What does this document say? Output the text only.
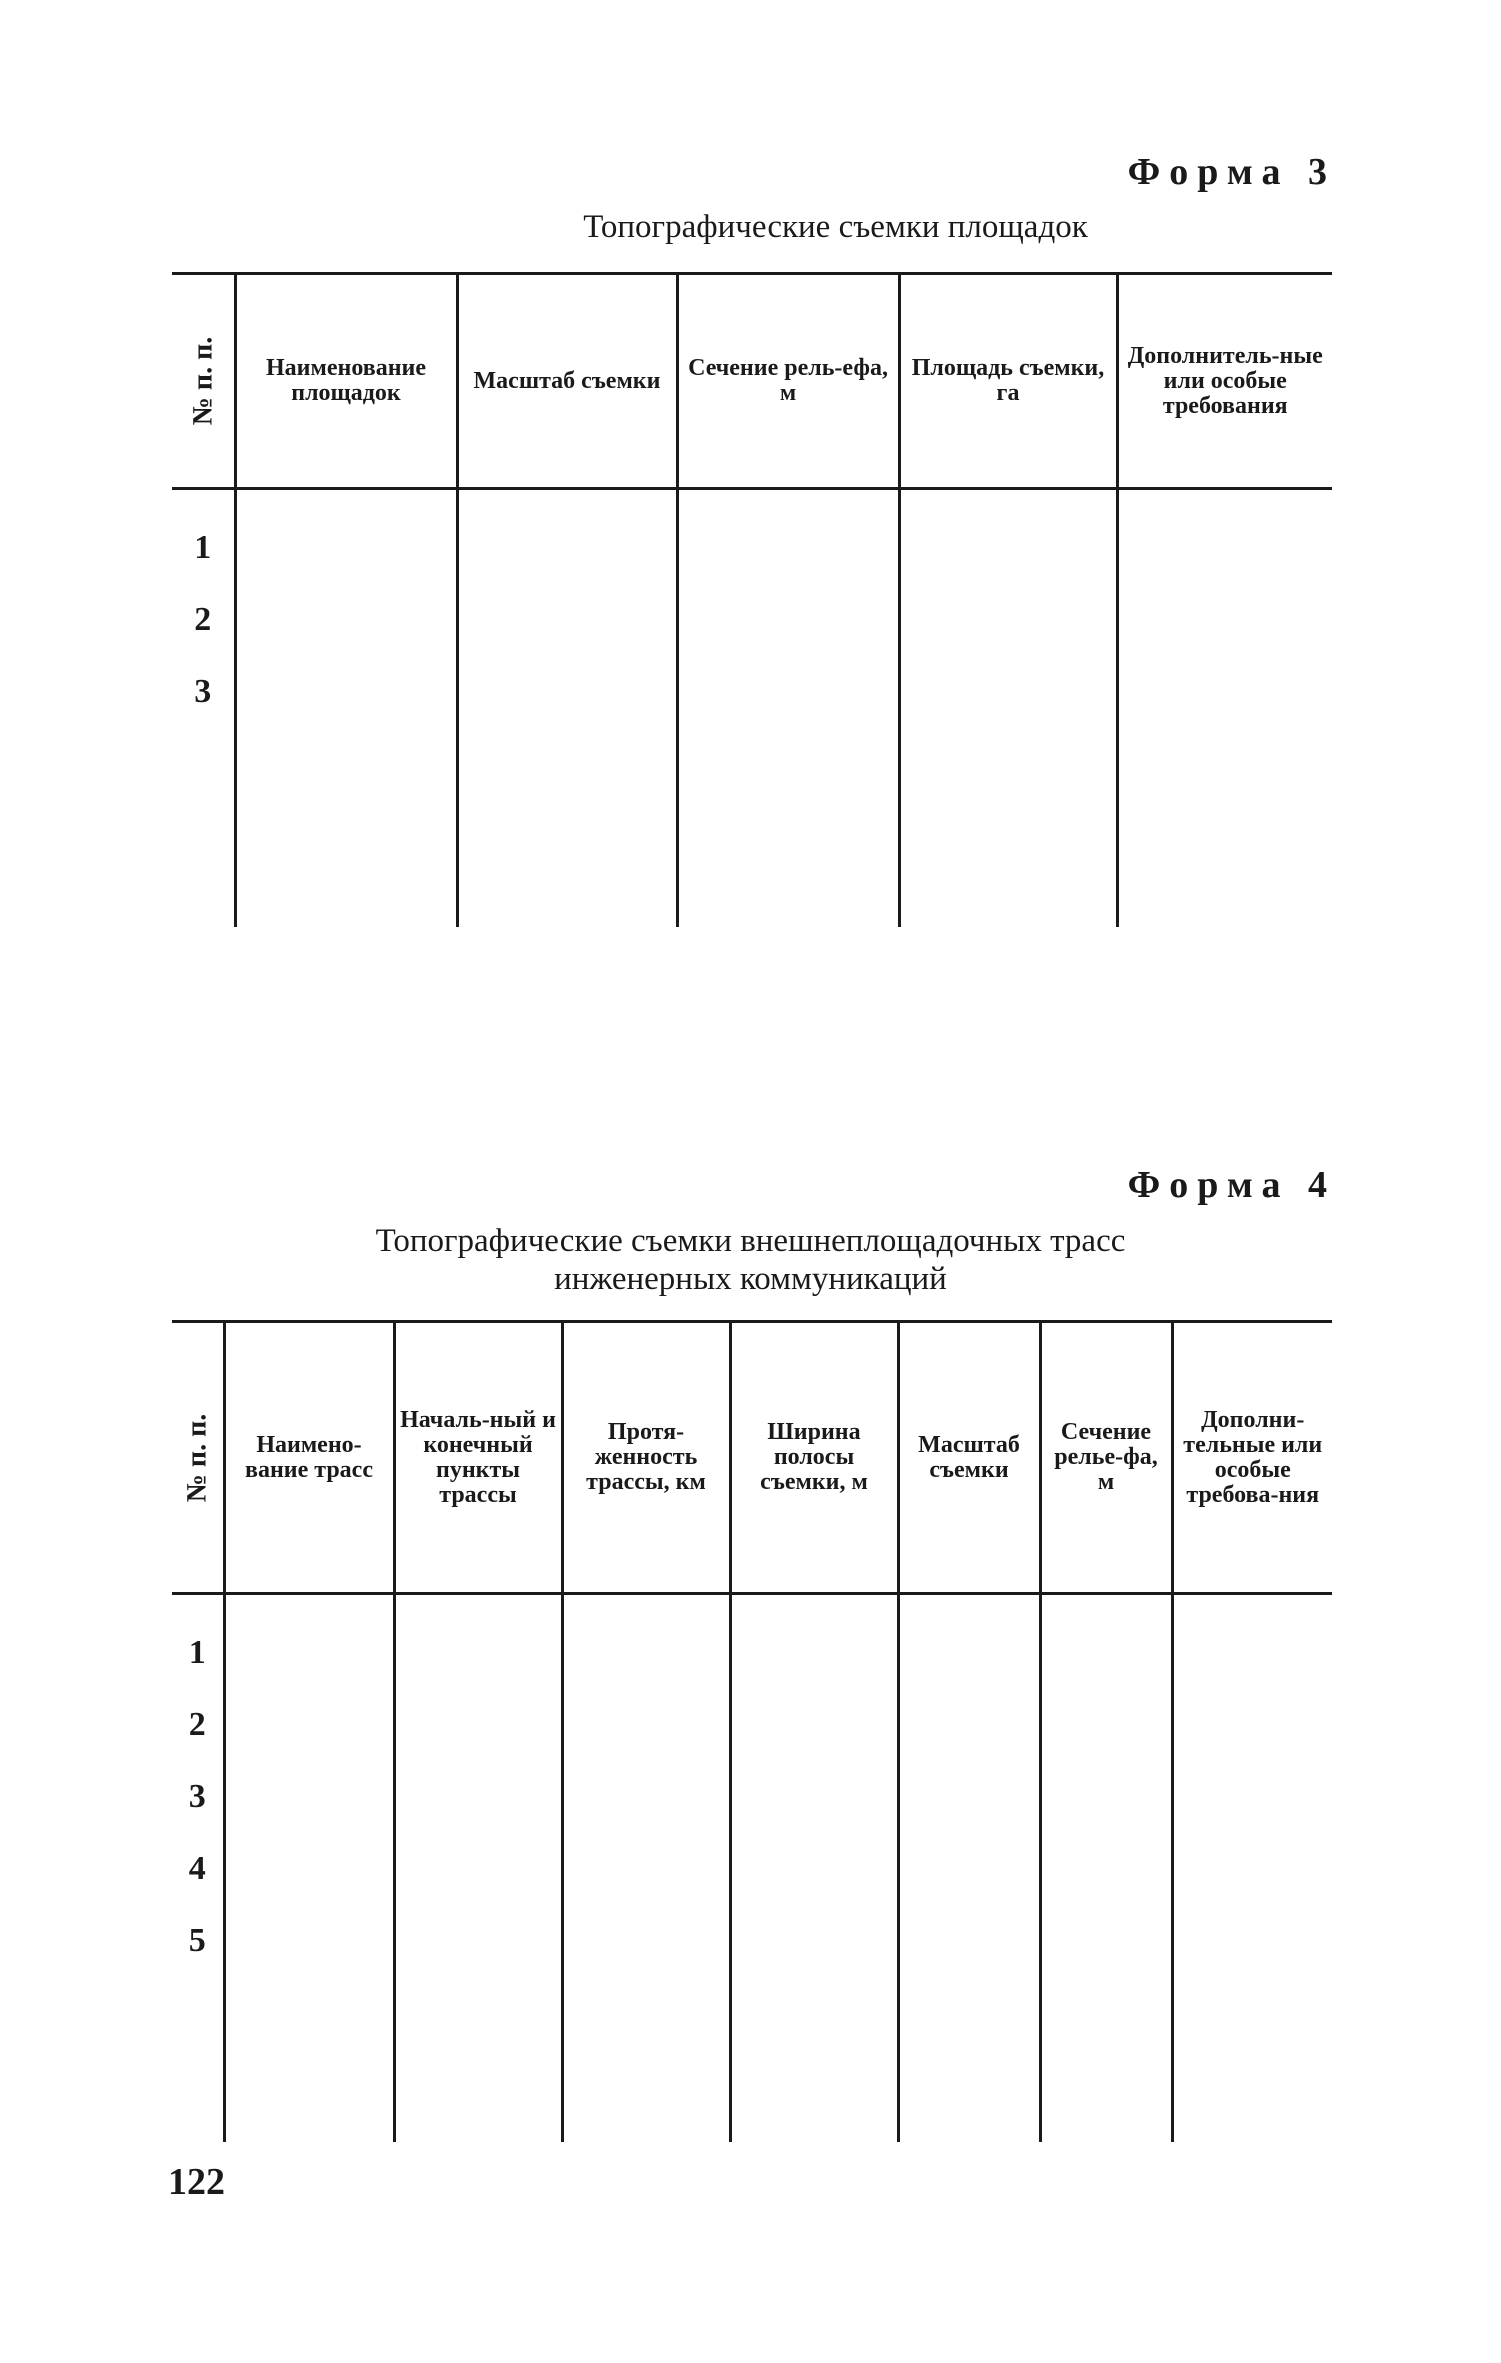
Форма 3
Топографические съемки площадок
№ п. п.	Наименование площадок	Масштаб съемки	Сечение рель-ефа, м	Площадь съемки, га	Дополнитель-ные или особые требования

1
2
3					

Форма 4
Топографические съемки внешнеплощадочных трасс
инженерных коммуникаций
№ п. п.	Наимено-вание трасс	Началь-ный и конечный пункты трассы	Протя-женность трассы, км	Ширина полосы съемки, м	Масштаб съемки	Сечение релье-фа, м	Дополни-тельные или особые требова-ния

1
2
3
4
5							

122
